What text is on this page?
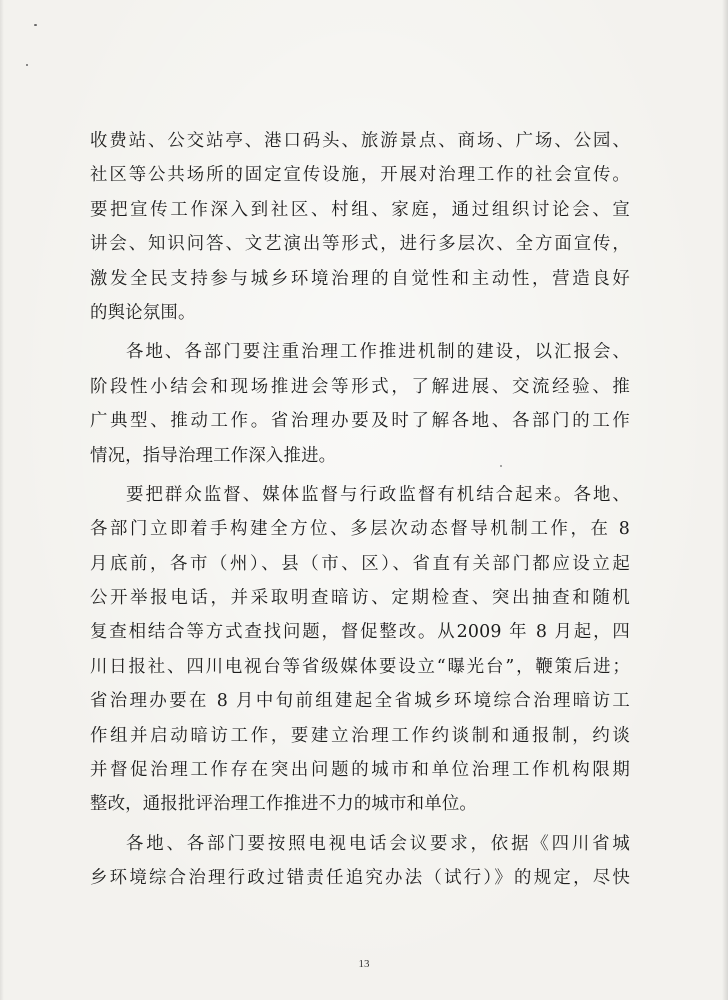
收费站、公交站亭、港口码头、旅游景点、商场、广场、公园、
社区等公共场所的固定宣传设施，开展对治理工作的社会宣传。
要把宣传工作深入到社区、村组、家庭，通过组织讨论会、宣
讲会、知识问答、文艺演出等形式，进行多层次、全方面宣传，
激发全民支持参与城乡环境治理的自觉性和主动性，营造良好
的舆论氛围。
各地、各部门要注重治理工作推进机制的建设，以汇报会、
阶段性小结会和现场推进会等形式，了解进展、交流经验、推
广典型、推动工作。省治理办要及时了解各地、各部门的工作
情况，指导治理工作深入推进。
要把群众监督、媒体监督与行政监督有机结合起来。各地、
各部门立即着手构建全方位、多层次动态督导机制工作，在 8
月底前，各市（州）、县（市、区）、省直有关部门都应设立起
公开举报电话，并采取明查暗访、定期检查、突出抽查和随机
复查相结合等方式查找问题，督促整改。从2009 年 8 月起，四
川日报社、四川电视台等省级媒体要设立“曝光台”，鞭策后进；
省治理办要在 8 月中旬前组建起全省城乡环境综合治理暗访工
作组并启动暗访工作，要建立治理工作约谈制和通报制，约谈
并督促治理工作存在突出问题的城市和单位治理工作机构限期
整改，通报批评治理工作推进不力的城市和单位。
各地、各部门要按照电视电话会议要求，依据《四川省城
乡环境综合治理行政过错责任追究办法（试行）》的规定，尽快
13
